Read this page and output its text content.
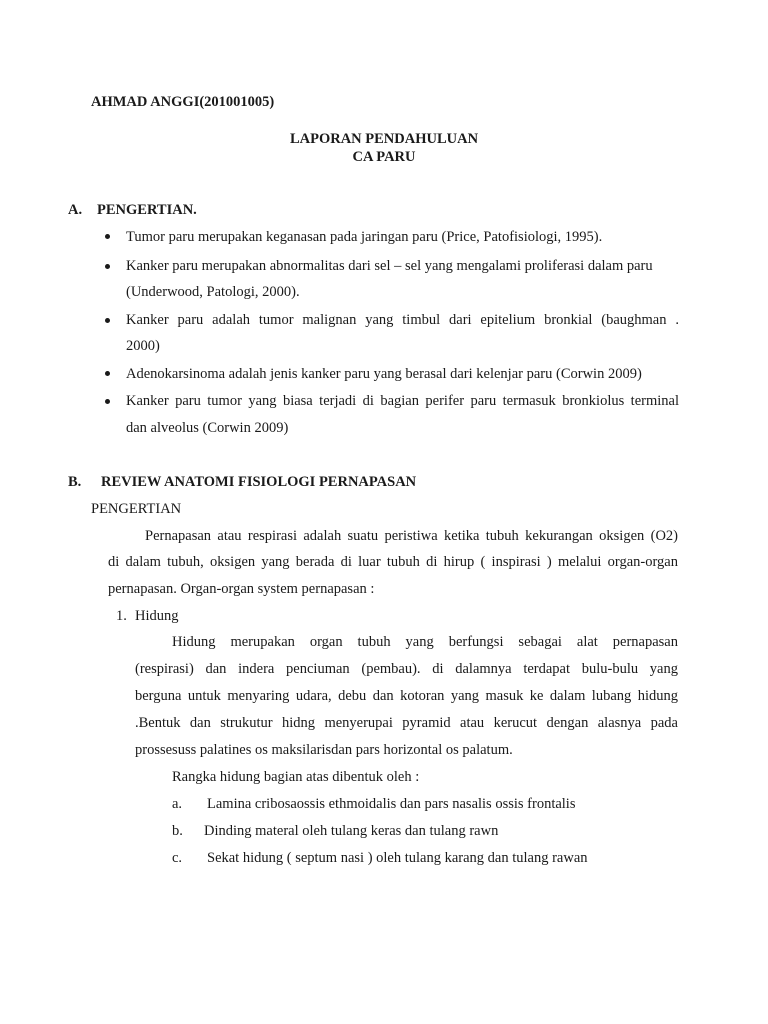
AHMAD ANGGI(201001005)
LAPORAN PENDAHULUAN
CA PARU
A. PENGERTIAN.
Tumor paru merupakan keganasan pada jaringan paru (Price, Patofisiologi, 1995).
Kanker paru merupakan abnormalitas dari sel – sel yang mengalami proliferasi dalam paru
(Underwood, Patologi, 2000).
Kanker paru adalah tumor malignan yang timbul dari epitelium bronkial (baughman .
2000)
Adenokarsinoma adalah jenis kanker paru yang berasal dari kelenjar paru (Corwin 2009)
Kanker paru tumor yang biasa terjadi di bagian perifer paru termasuk bronkiolus terminal
dan alveolus (Corwin 2009)
B. REVIEW ANATOMI FISIOLOGI PERNAPASAN
PENGERTIAN
Pernapasan atau respirasi adalah suatu peristiwa ketika tubuh kekurangan oksigen (O2)
di dalam tubuh, oksigen yang berada di luar tubuh di hirup ( inspirasi ) melalui organ-organ
pernapasan. Organ-organ system pernapasan :
1. Hidung
Hidung merupakan organ tubuh yang berfungsi sebagai alat pernapasan
(respirasi) dan indera penciuman (pembau). di dalamnya terdapat bulu-bulu yang
berguna untuk menyaring udara, debu dan kotoran yang masuk ke dalam lubang hidung
.Bentuk dan strukutur hidng menyerupai pyramid atau kerucut dengan alasnya pada
prossesuss palatines os maksilarisdan pars horizontal os palatum.
Rangka hidung bagian atas dibentuk oleh :
a. Lamina cribosaossis ethmoidalis dan pars nasalis ossis frontalis
b. Dinding materal oleh tulang keras dan tulang rawn
c. Sekat hidung ( septum nasi ) oleh tulang karang dan tulang rawan
